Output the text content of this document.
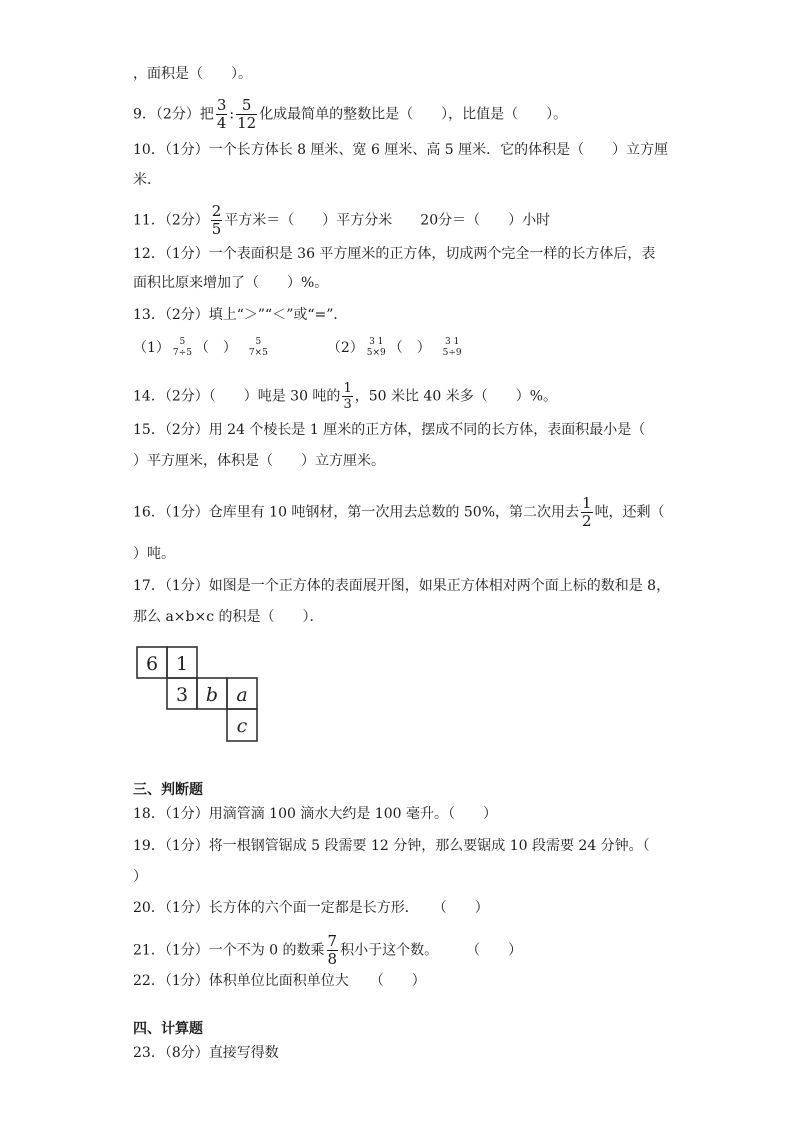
，面积是（　　）。
9．（2分）把 $\frac{3}{4}$ : $\frac{5}{12}$ 化成最简单的整数比是（　　），比值是（　　）。
10．（1分）一个长方体长 8 厘米、宽 6 厘米、高 5 厘米．它的体积是（　　）立方厘
米．
11．（2分） $\frac{2}{5}$ 平方米＝（　　）平方分米　　20分＝（　　）小时
12．（1分）一个表面积是 36 平方厘米的正方体，切成两个完全一样的长方体后，表
面积比原来增加了（　　）%。
13．（2分）填上“＞”“＜”或“=”．
（1）	5
7÷5 （　）	5
7×5	（2） 3 1
5×9 （　）	3 1
5÷9
14．（2分）（　　）吨是 30 吨的 $\frac{1}{3}$ ，50 米比 40 米多（　　）%。
15．（2分）用 24 个棱长是 1 厘米的正方体，摆成不同的长方体，表面积最小是（
）平方厘米，体积是（　　）立方厘米。
16．（1分）仓库里有 10 吨钢材，第一次用去总数的 50%，第二次用去 $\frac{1}{2}$ 吨，还剩（
）吨。
17．（1分）如图是一个正方体的表面展开图，如果正方体相对两个面上标的数和是 8，
那么 a×b×c 的积是（　　）．
6 1
3 b a
c
三、判断题
18．（1分）用滴管滴 100 滴水大约是 100 毫升。（　　）
19．（1分）将一根钢管锯成 5 段需要 12 分钟，那么要锯成 10 段需要 24 分钟。（
）
20．（1分）长方体的六个面一定都是长方形．　　（　　）
21．（1分）一个不为 0 的数乘 $\frac{7}{8}$ 积小于这个数。　　　（　　）
22．（1分）体积单位比面积单位大　　（　　）
四、计算题
23．（8分）直接写得数
